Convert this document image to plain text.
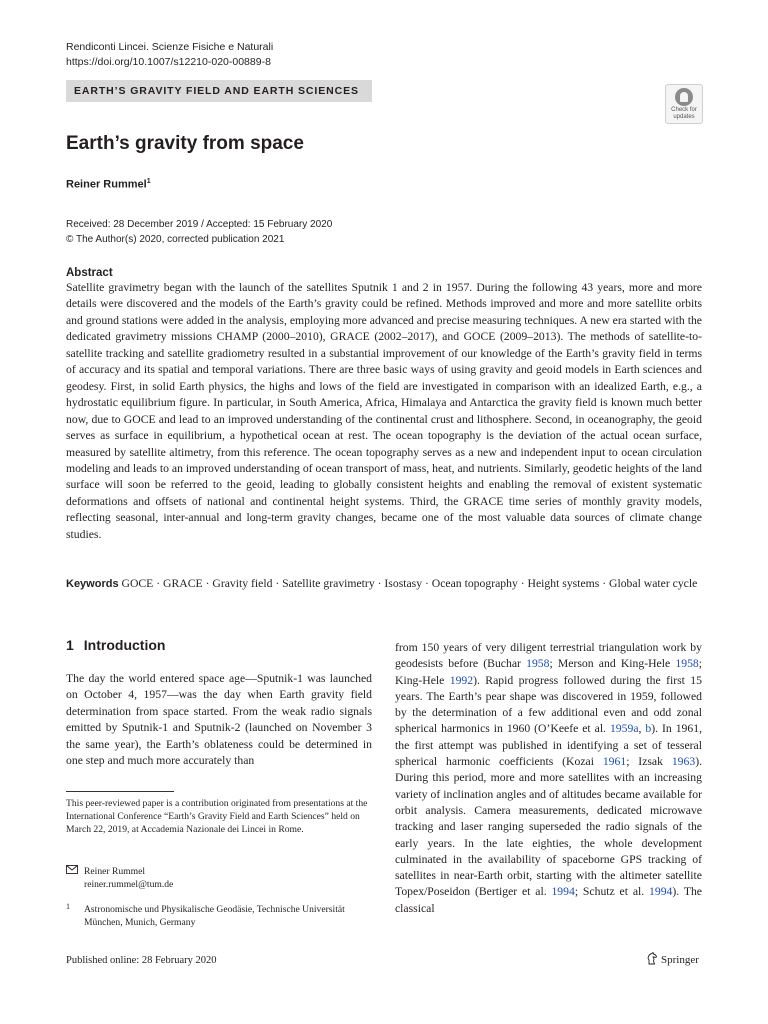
Rendiconti Lincei. Scienze Fisiche e Naturali
https://doi.org/10.1007/s12210-020-00889-8
EARTH’S GRAVITY FIELD AND EARTH SCIENCES
Check for
updates
Earth’s gravity from space
Reiner Rummel$^1$
Received: 28 December 2019 / Accepted: 15 February 2020
© The Author(s) 2020, corrected publication 2021
Abstract
Satellite gravimetry began with the launch of the satellites Sputnik 1 and 2 in 1957. During the following 43 years, more and more details were discovered and the models of the Earth’s gravity could be refined. Methods improved and more and more satellite orbits and ground stations were added in the analysis, employing more advanced and precise measuring techniques. A new era started with the dedicated gravimetry missions CHAMP (2000–2010), GRACE (2002–2017), and GOCE (2009–2013). The methods of satellite-to-satellite tracking and satellite gradiometry resulted in a substantial improvement of our knowledge of the Earth’s gravity field in terms of accuracy and its spatial and temporal variations. There are three basic ways of using gravity and geoid models in Earth sciences and geodesy. First, in solid Earth physics, the highs and lows of the field are investigated in comparison with an idealized Earth, e.g., a hydrostatic equilibrium figure. In particular, in South America, Africa, Himalaya and Antarctica the gravity field is known much better now, due to GOCE and lead to an improved understanding of the continental crust and lithosphere. Second, in oceanography, the geoid serves as surface in equilibrium, a hypothetical ocean at rest. The ocean topography is the deviation of the actual ocean surface, measured by satellite altimetry, from this reference. The ocean topography serves as a new and independent input to ocean circulation modeling and leads to an improved understanding of ocean transport of mass, heat, and nutrients. Similarly, geodetic heights of the land surface will soon be referred to the geoid, leading to globally consistent heights and enabling the removal of existent systematic deformations and offsets of national and continental height systems. Third, the GRACE time series of monthly gravity models, reflecting seasonal, inter-annual and long-term gravity changes, became one of the most valuable data sources of climate change studies.
Keywords GOCE · GRACE · Gravity field · Satellite gravimetry · Isostasy · Ocean topography · Height systems · Global water cycle
1 Introduction
The day the world entered space age—Sputnik-1 was launched on October 4, 1957—was the day when Earth gravity field determination from space started. From the weak radio signals emitted by Sputnik-1 and Sputnik-2 (launched on November 3 the same year), the Earth’s oblateness could be determined in one step and much more accurately than
from 150 years of very diligent terrestrial triangulation work by geodesists before (Buchar 1958; Merson and King-Hele 1958; King-Hele 1992). Rapid progress followed during the first 15 years. The Earth’s pear shape was discovered in 1959, followed by the determination of a few additional even and odd zonal spherical harmonics in 1960 (O’Keefe et al. 1959a, b). In 1961, the first attempt was published in identifying a set of tesseral spherical harmonic coefficients (Kozai 1961; Izsak 1963). During this period, more and more satellites with an increasing variety of inclination angles and of altitudes became available for orbit analysis. Camera measurements, dedicated microwave tracking and laser ranging superseded the radio signals of the early years. In the late eighties, the whole development culminated in the availability of spaceborne GPS tracking of satellites in near-Earth orbit, starting with the altimeter satellite Topex/Poseidon (Bertiger et al. 1994; Schutz et al. 1994). The classical
This peer-reviewed paper is a contribution originated from presentations at the International Conference “Earth’s Gravity Field and Earth Sciences” held on March 22, 2019, at Accademia Nazionale dei Lincei in Rome.
Reiner Rummel
reiner.rummel@tum.de
1 Astronomische und Physikalische Geodäsie, Technische Universität München, Munich, Germany
Published online: 28 February 2020	Springer
